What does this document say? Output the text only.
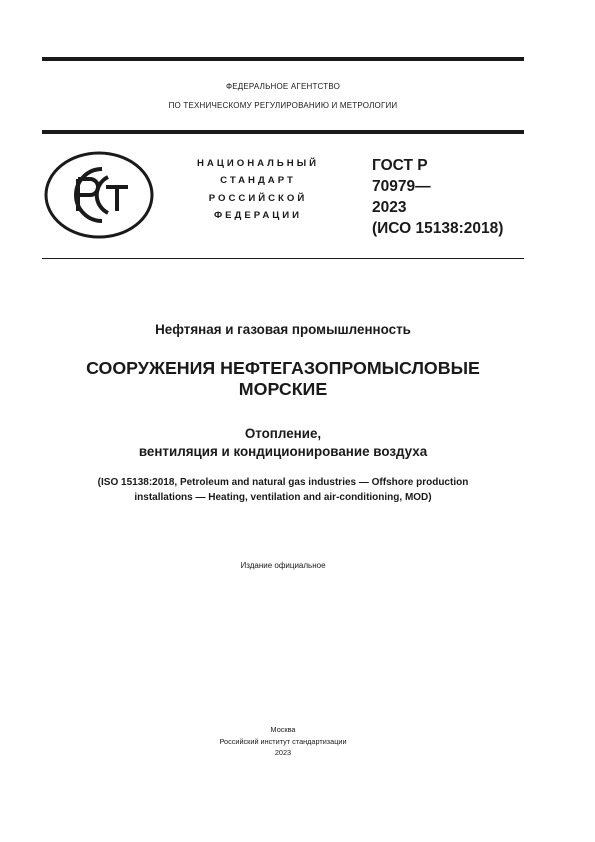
ФЕДЕРАЛЬНОЕ АГЕНТСТВО
ПО ТЕХНИЧЕСКОМУ РЕГУЛИРОВАНИЮ И МЕТРОЛОГИИ
НАЦИОНАЛЬНЫЙ
СТАНДАРТ
РОССИЙСКОЙ
ФЕДЕРАЦИИ
ГОСТ Р
70979—
2023
(ИСО 15138:2018)
Нефтяная и газовая промышленность
СООРУЖЕНИЯ НЕФТЕГАЗОПРОМЫСЛОВЫЕ
МОРСКИЕ
Отопление,
вентиляция и кондиционирование воздуха
(ISO 15138:2018, Petroleum and natural gas industries — Offshore production
installations — Heating, ventilation and air-conditioning, MOD)
Издание официальное
Москва
Российский институт стандартизации
2023
